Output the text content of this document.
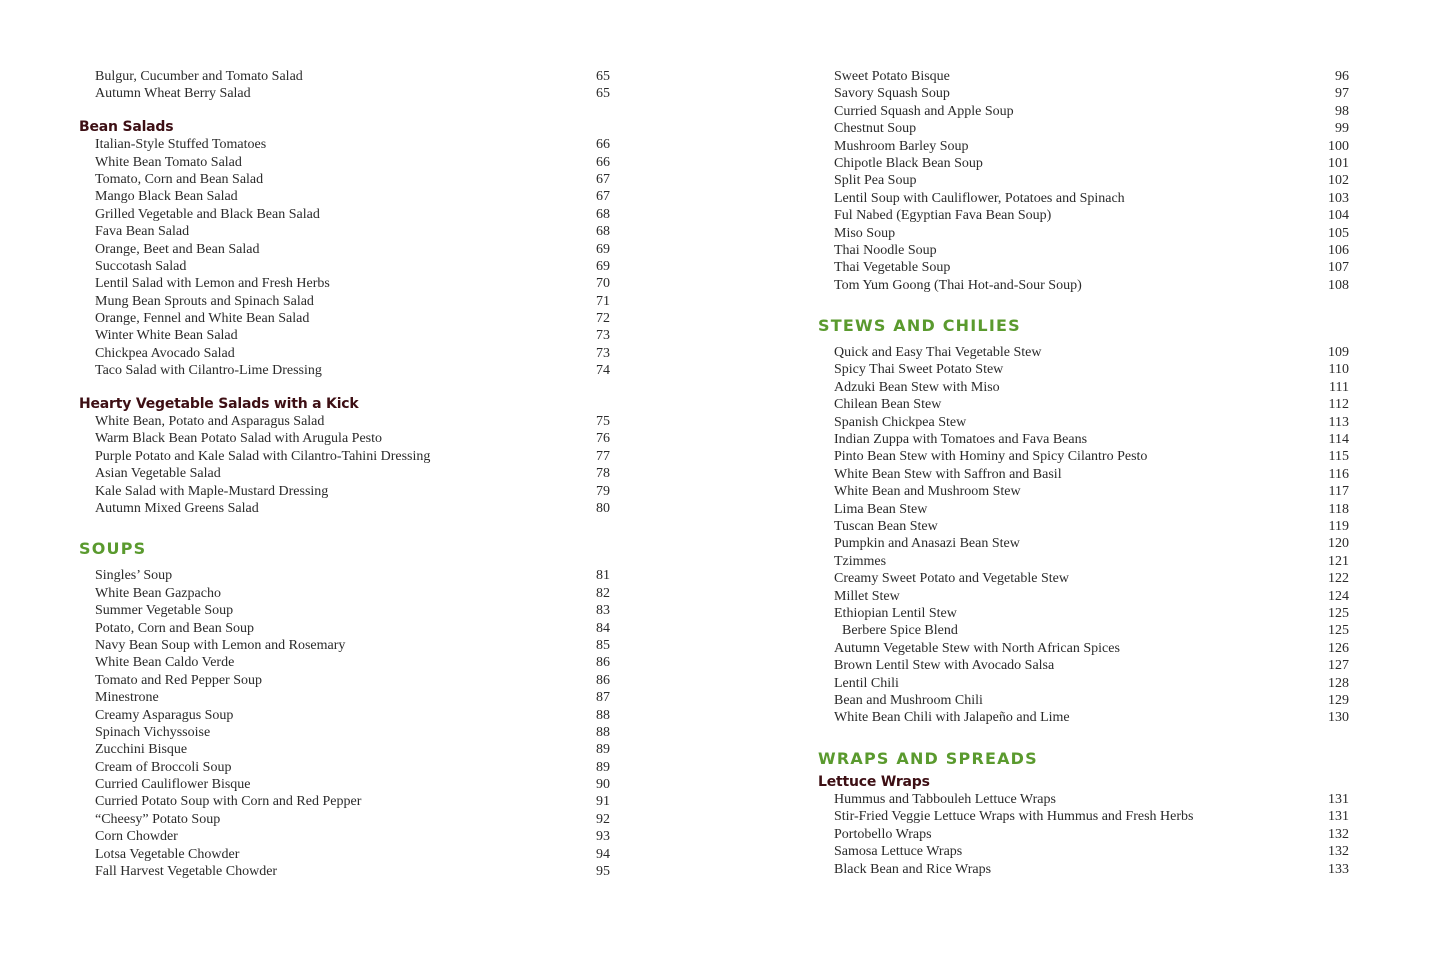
Bulgur, Cucumber and Tomato Salad	65
Autumn Wheat Berry Salad	65
Bean Salads
Italian-Style Stuffed Tomatoes	66
White Bean Tomato Salad	66
Tomato, Corn and Bean Salad	67
Mango Black Bean Salad	67
Grilled Vegetable and Black Bean Salad	68
Fava Bean Salad	68
Orange, Beet and Bean Salad	69
Succotash Salad	69
Lentil Salad with Lemon and Fresh Herbs	70
Mung Bean Sprouts and Spinach Salad	71
Orange, Fennel and White Bean Salad	72
Winter White Bean Salad	73
Chickpea Avocado Salad	73
Taco Salad with Cilantro-Lime Dressing	74
Hearty Vegetable Salads with a Kick
White Bean, Potato and Asparagus Salad	75
Warm Black Bean Potato Salad with Arugula Pesto	76
Purple Potato and Kale Salad with Cilantro-Tahini Dressing	77
Asian Vegetable Salad	78
Kale Salad with Maple-Mustard Dressing	79
Autumn Mixed Greens Salad	80
SOUPS
Singles’ Soup	81
White Bean Gazpacho	82
Summer Vegetable Soup	83
Potato, Corn and Bean Soup	84
Navy Bean Soup with Lemon and Rosemary	85
White Bean Caldo Verde	86
Tomato and Red Pepper Soup	86
Minestrone	87
Creamy Asparagus Soup	88
Spinach Vichyssoise	88
Zucchini Bisque	89
Cream of Broccoli Soup	89
Curried Cauliflower Bisque	90
Curried Potato Soup with Corn and Red Pepper	91
“Cheesy” Potato Soup	92
Corn Chowder	93
Lotsa Vegetable Chowder	94
Fall Harvest Vegetable Chowder	95
Sweet Potato Bisque	96
Savory Squash Soup	97
Curried Squash and Apple Soup	98
Chestnut Soup	99
Mushroom Barley Soup	100
Chipotle Black Bean Soup	101
Split Pea Soup	102
Lentil Soup with Cauliflower, Potatoes and Spinach	103
Ful Nabed (Egyptian Fava Bean Soup)	104
Miso Soup	105
Thai Noodle Soup	106
Thai Vegetable Soup	107
Tom Yum Goong (Thai Hot-and-Sour Soup)	108
STEWS AND CHILIES
Quick and Easy Thai Vegetable Stew	109
Spicy Thai Sweet Potato Stew	110
Adzuki Bean Stew with Miso	111
Chilean Bean Stew	112
Spanish Chickpea Stew	113
Indian Zuppa with Tomatoes and Fava Beans	114
Pinto Bean Stew with Hominy and Spicy Cilantro Pesto	115
White Bean Stew with Saffron and Basil	116
White Bean and Mushroom Stew	117
Lima Bean Stew	118
Tuscan Bean Stew	119
Pumpkin and Anasazi Bean Stew	120
Tzimmes	121
Creamy Sweet Potato and Vegetable Stew	122
Millet Stew	124
Ethiopian Lentil Stew	125
Berbere Spice Blend	125
Autumn Vegetable Stew with North African Spices	126
Brown Lentil Stew with Avocado Salsa	127
Lentil Chili	128
Bean and Mushroom Chili	129
White Bean Chili with Jalapeño and Lime	130
WRAPS AND SPREADS
Lettuce Wraps
Hummus and Tabbouleh Lettuce Wraps	131
Stir-Fried Veggie Lettuce Wraps with Hummus and Fresh Herbs	131
Portobello Wraps	132
Samosa Lettuce Wraps	132
Black Bean and Rice Wraps	133
